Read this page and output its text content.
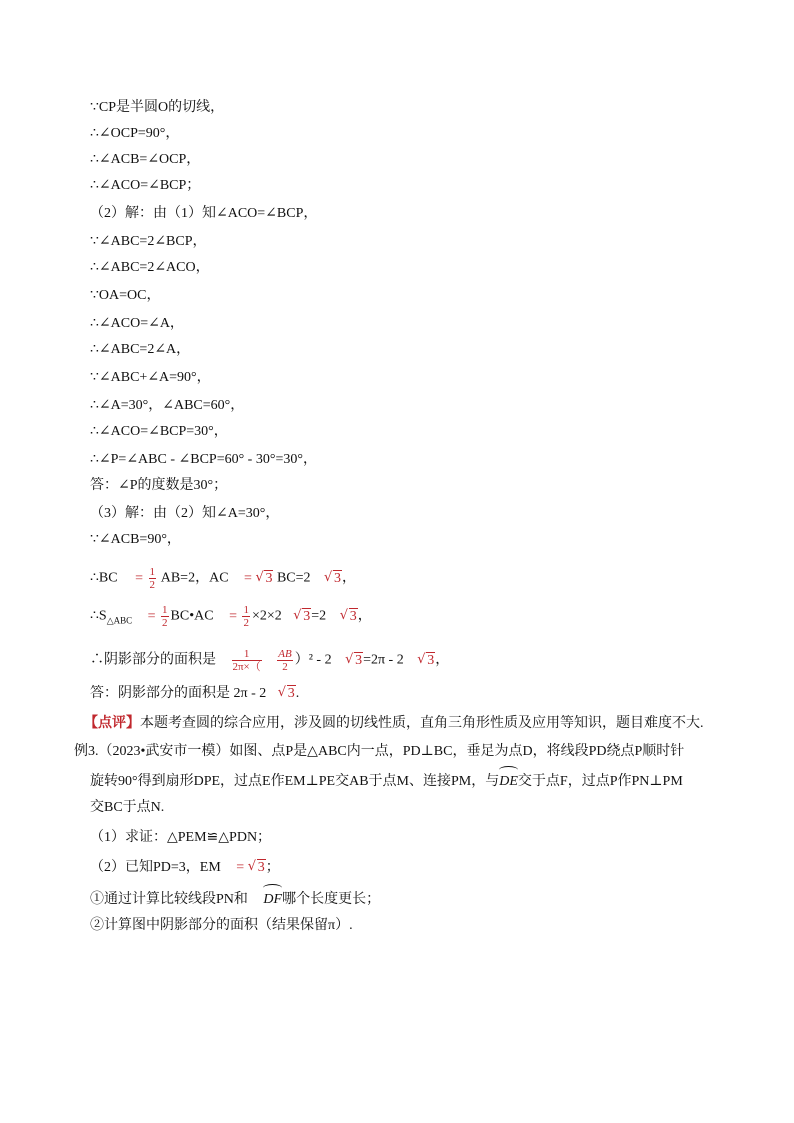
∵CP是半圆O的切线，
∴∠OCP=90°，
∴∠ACB=∠OCP，
∴∠ACO=∠BCP；
（2）解：由（1）知∠ACO=∠BCP，
∵∠ABC=2∠BCP，
∴∠ABC=2∠ACO，
∵OA=OC，
∴∠ACO=∠A，
∴∠ABC=2∠A，
∵∠ABC+∠A=90°，
∴∠A=30°，∠ABC=60°，
∴∠ACO=∠BCP=30°，
∴∠P=∠ABC - ∠BCP=60° - 30°=30°，
答：∠P的度数是30°；
（3）解：由（2）知∠A=30°，
∵∠ACB=90°，
∴BC = $\frac{1}{2} AB=2$，AC = √ 3 BC=2 √ 3，
$\therefore S_{\triangle ABC} = \frac{1}{2}$ BC•AC = $\frac{1}{2} \times 2\times 2$ √ 3=2 √ 3，
∴阴影部分的面积是 $\frac{1}{2\pi\times(}$
$\frac{AB}{2} )^2 - 2$ √ 3=2π - 2 √ 3，
答：阴影部分的面积是 2π - 2 √ 3.
【点评】本题考查圆的综合应用，涉及圆的切线性质，直角三角形性质及应用等知识，题目难度不大.
例3.（2023•武安市一模）如图、点P是△ABC内一点，PD⊥BC，垂足为点D，将线段PD绕点P顺时针
旋转90°得到扇形DPE，过点E作EM⊥PE交AB于点M、连接PM，与DE交于点F，过点P作PN⊥PM
交BC于点N.
（1）求证：△PEM≌△PDN；
（2）已知PD=3，EM = √ 3；
①通过计算比较线段PN和 DF哪个长度更长；
②计算图中阴影部分的面积（结果保留π）.
